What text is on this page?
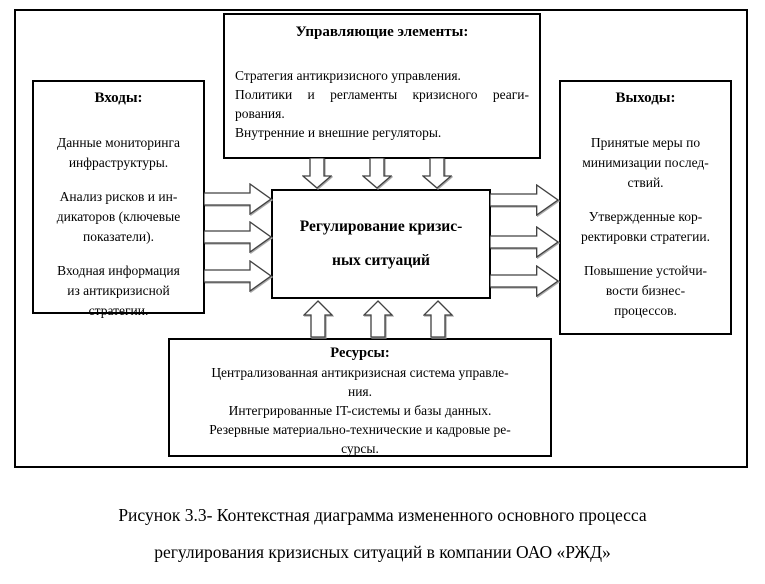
Управляющие элементы:
Стратегия антикризисного управления.
Политики и регламенты кризисного реаги-
рования.
Внутренние и внешние регуляторы.
Входы:
Данные мониторинга
инфраструктуры.
Анализ рисков и ин-
дикаторов (ключевые
показатели).
Входная информация
из антикризисной
стратегии.
Выходы:
Принятые меры по
минимизации послед-
ствий.
Утвержденные кор-
ректировки стратегии.
Повышение устойчи-
вости бизнес-
процессов.
Регулирование кризис-
ных ситуаций
Ресурсы:
Централизованная антикризисная система управле-
ния.
Интегрированные IT-системы и базы данных.
Резервные материально-технические и кадровые ре-
сурсы.
Рисунок 3.3- Контекстная диаграмма измененного основного процесса
регулирования кризисных ситуаций в компании ОАО «РЖД»
